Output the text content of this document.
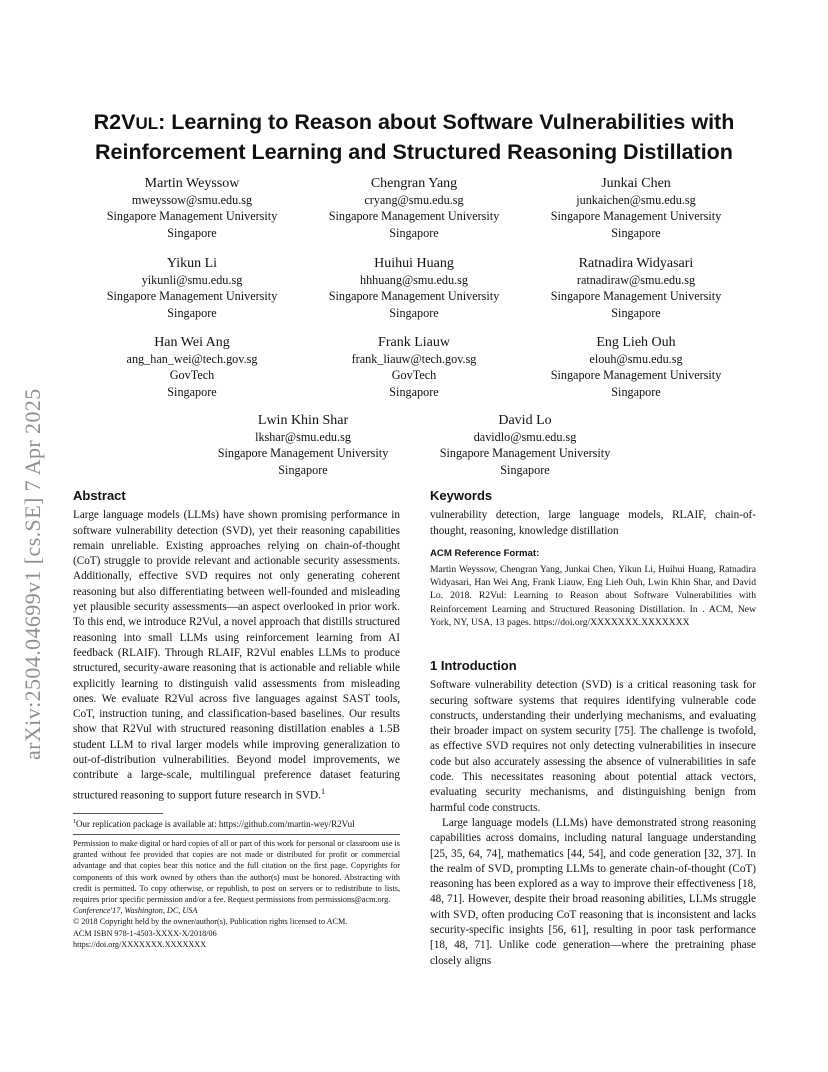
arXiv:2504.04699v1 [cs.SE] 7 Apr 2025
R2VUL: Learning to Reason about Software Vulnerabilities with
Reinforcement Learning and Structured Reasoning Distillation
Martin Weyssow
mweyssow@smu.edu.sg
Singapore Management University
Singapore
Chengran Yang
cryang@smu.edu.sg
Singapore Management University
Singapore
Junkai Chen
junkaichen@smu.edu.sg
Singapore Management University
Singapore
Yikun Li
yikunli@smu.edu.sg
Singapore Management University
Singapore
Huihui Huang
hhhuang@smu.edu.sg
Singapore Management University
Singapore
Ratnadira Widyasari
ratnadiraw@smu.edu.sg
Singapore Management University
Singapore
Han Wei Ang
ang_han_wei@tech.gov.sg
GovTech
Singapore
Frank Liauw
frank_liauw@tech.gov.sg
GovTech
Singapore
Eng Lieh Ouh
elouh@smu.edu.sg
Singapore Management University
Singapore
Lwin Khin Shar
lkshar@smu.edu.sg
Singapore Management University
Singapore
David Lo
davidlo@smu.edu.sg
Singapore Management University
Singapore
Abstract
Large language models (LLMs) have shown promising performance in software vulnerability detection (SVD), yet their reasoning capabilities remain unreliable. Existing approaches relying on chain-of-thought (CoT) struggle to provide relevant and actionable security assessments. Additionally, effective SVD requires not only generating coherent reasoning but also differentiating between well-founded and misleading yet plausible security assessments—an aspect overlooked in prior work. To this end, we introduce R2Vul, a novel approach that distills structured reasoning into small LLMs using reinforcement learning from AI feedback (RLAIF). Through RLAIF, R2Vul enables LLMs to produce structured, security-aware reasoning that is actionable and reliable while explicitly learning to distinguish valid assessments from misleading ones. We evaluate R2Vul across five languages against SAST tools, CoT, instruction tuning, and classification-based baselines. Our results show that R2Vul with structured reasoning distillation enables a 1.5B student LLM to rival larger models while improving generalization to out-of-distribution vulnerabilities. Beyond model improvements, we contribute a large-scale, multilingual preference dataset featuring structured reasoning to support future research in SVD.$^1$
$^1$Our replication package is available at: https://github.com/martin-wey/R2Vul
Permission to make digital or hard copies of all or part of this work for personal or classroom use is granted without fee provided that copies are not made or distributed for profit or commercial advantage and that copies bear this notice and the full citation on the first page. Copyrights for components of this work owned by others than the author(s) must be honored. Abstracting with credit is permitted. To copy otherwise, or republish, to post on servers or to redistribute to lists, requires prior specific permission and/or a fee. Request permissions from permissions@acm.org.
Conference'17, Washington, DC, USA
© 2018 Copyright held by the owner/author(s). Publication rights licensed to ACM.
ACM ISBN 978-1-4503-XXXX-X/2018/06
https://doi.org/XXXXXXX.XXXXXXX
Keywords
vulnerability detection, large language models, RLAIF, chain-of-thought, reasoning, knowledge distillation
ACM Reference Format:
Martin Weyssow, Chengran Yang, Junkai Chen, Yikun Li, Huihui Huang, Ratnadira Widyasari, Han Wei Ang, Frank Liauw, Eng Lieh Ouh, Lwin Khin Shar, and David Lo. 2018. R2Vul: Learning to Reason about Software Vulnerabilities with Reinforcement Learning and Structured Reasoning Distillation. In . ACM, New York, NY, USA, 13 pages. https://doi.org/XXXXXXX.XXXXXXX
1 Introduction
Software vulnerability detection (SVD) is a critical reasoning task for securing software systems that requires identifying vulnerable code constructs, understanding their underlying mechanisms, and evaluating their broader impact on system security [75]. The challenge is twofold, as effective SVD requires not only detecting vulnerabilities in insecure code but also accurately assessing the absence of vulnerabilities in safe code. This necessitates reasoning about potential attack vectors, evaluating security mechanisms, and distinguishing benign from harmful code constructs.
Large language models (LLMs) have demonstrated strong reasoning capabilities across domains, including natural language understanding [25, 35, 64, 74], mathematics [44, 54], and code generation [32, 37]. In the realm of SVD, prompting LLMs to generate chain-of-thought (CoT) reasoning has been explored as a way to improve their effectiveness [18, 48, 71]. However, despite their broad reasoning abilities, LLMs struggle with SVD, often producing CoT reasoning that is inconsistent and lacks security-specific insights [56, 61], resulting in poor task performance [18, 48, 71]. Unlike code generation—where the pretraining phase closely aligns
